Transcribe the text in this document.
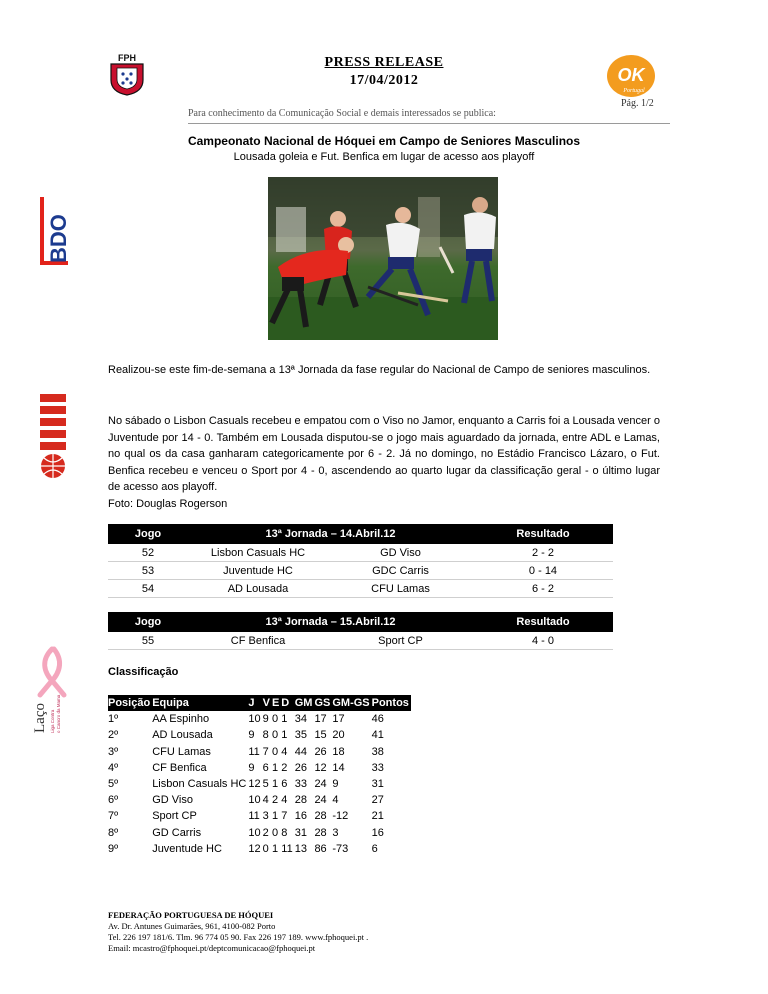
FPH	PRESS RELEASE
17/04/2012
Para conhecimento da Comunicação Social e demais interessados se publica:
Pág. 1/2
OK
Portugal
BDO
Laço Liga Contra o Cancro da Mama
Campeonato Nacional de Hóquei em Campo de Seniores Masculinos
Lousada goleia e Fut. Benfica em lugar de acesso aos playoff
Realizou-se este fim-de-semana a 13ª Jornada da fase regular do Nacional de Campo de seniores masculinos.
No sábado o Lisbon Casuals recebeu e empatou com o Viso no Jamor, enquanto a Carris foi a Lousada vencer o Juventude por 14 - 0. Também em Lousada disputou-se o jogo mais aguardado da jornada, entre ADL e Lamas, no qual os da casa ganharam categoricamente por 6 - 2. Já no domingo, no Estádio Francisco Lázaro, o Fut. Benfica recebeu e venceu o Sport por 4 - 0, ascendendo ao quarto lugar da classificação geral - o último lugar de acesso aos playoff.
Foto: Douglas Rogerson
Jogo	13ª Jornada – 14.Abril.12		Resultado
52	Lisbon Casuals HC	GD Viso	2 - 2
53	Juventude HC	GDC Carris	0 - 14
54	AD Lousada	CFU Lamas	6 - 2
Jogo	13ª Jornada – 15.Abril.12		Resultado
55	CF Benfica	Sport CP	4 - 0
Classificação
Posição	Equipa	J	V	E	D	GM	GS	GM-GS	Pontos
1º	AA Espinho	10	9	0	1	34	17	17	46
2º	AD Lousada	9	8	0	1	35	15	20	41
3º	CFU Lamas	11	7	0	4	44	26	18	38
4º	CF Benfica	9	6	1	2	26	12	14	33
5º	Lisbon Casuals HC	12	5	1	6	33	24	9	31
6º	GD Viso	10	4	2	4	28	24	4	27
7º	Sport CP	11	3	1	7	16	28	-12	21
8º	GD Carris	10	2	0	8	31	28	3	16
9º	Juventude HC	12	0	1	11	13	86	-73	6
FEDERAÇÃO PORTUGUESA DE HÓQUEI
Av. Dr. Antunes Guimarães, 961, 4100-082 Porto
Tel. 226 197 181/6. Tlm. 96 774 05 90. Fax 226 197 189. www.fphoquei.pt .
Email: mcastro@fphoquei.pt/deptcomunicacao@fphoquei.pt
